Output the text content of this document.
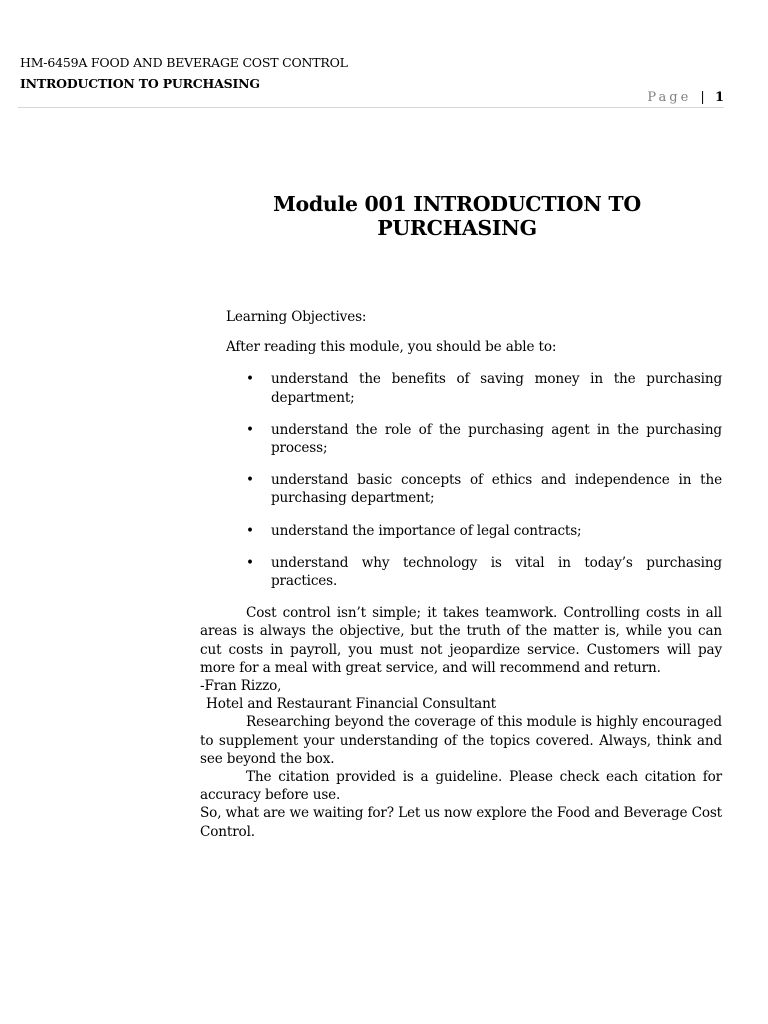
HM-6459A FOOD AND BEVERAGE COST CONTROL
INTRODUCTION TO PURCHASING
Page | 1
Module 001 INTRODUCTION TO PURCHASING

Learning Objectives:

After reading this module, you should be able to:

• understand the benefits of saving money in the purchasing department;
• understand the role of the purchasing agent in the purchasing process;
• understand basic concepts of ethics and independence in the purchasing department;
• understand the importance of legal contracts;
• understand why technology is vital in today’s purchasing practices.

Cost control isn’t simple; it takes teamwork. Controlling costs in all areas is always the objective, but the truth of the matter is, while you can cut costs in payroll, you must not jeopardize service. Customers will pay more for a meal with great service, and will recommend and return.

-Fran Rizzo,

Hotel and Restaurant Financial Consultant

Researching beyond the coverage of this module is highly encouraged to supplement your understanding of the topics covered. Always, think and see beyond the box.

The citation provided is a guideline. Please check each citation for accuracy before use.

So, what are we waiting for? Let us now explore the Food and Beverage Cost Control.
